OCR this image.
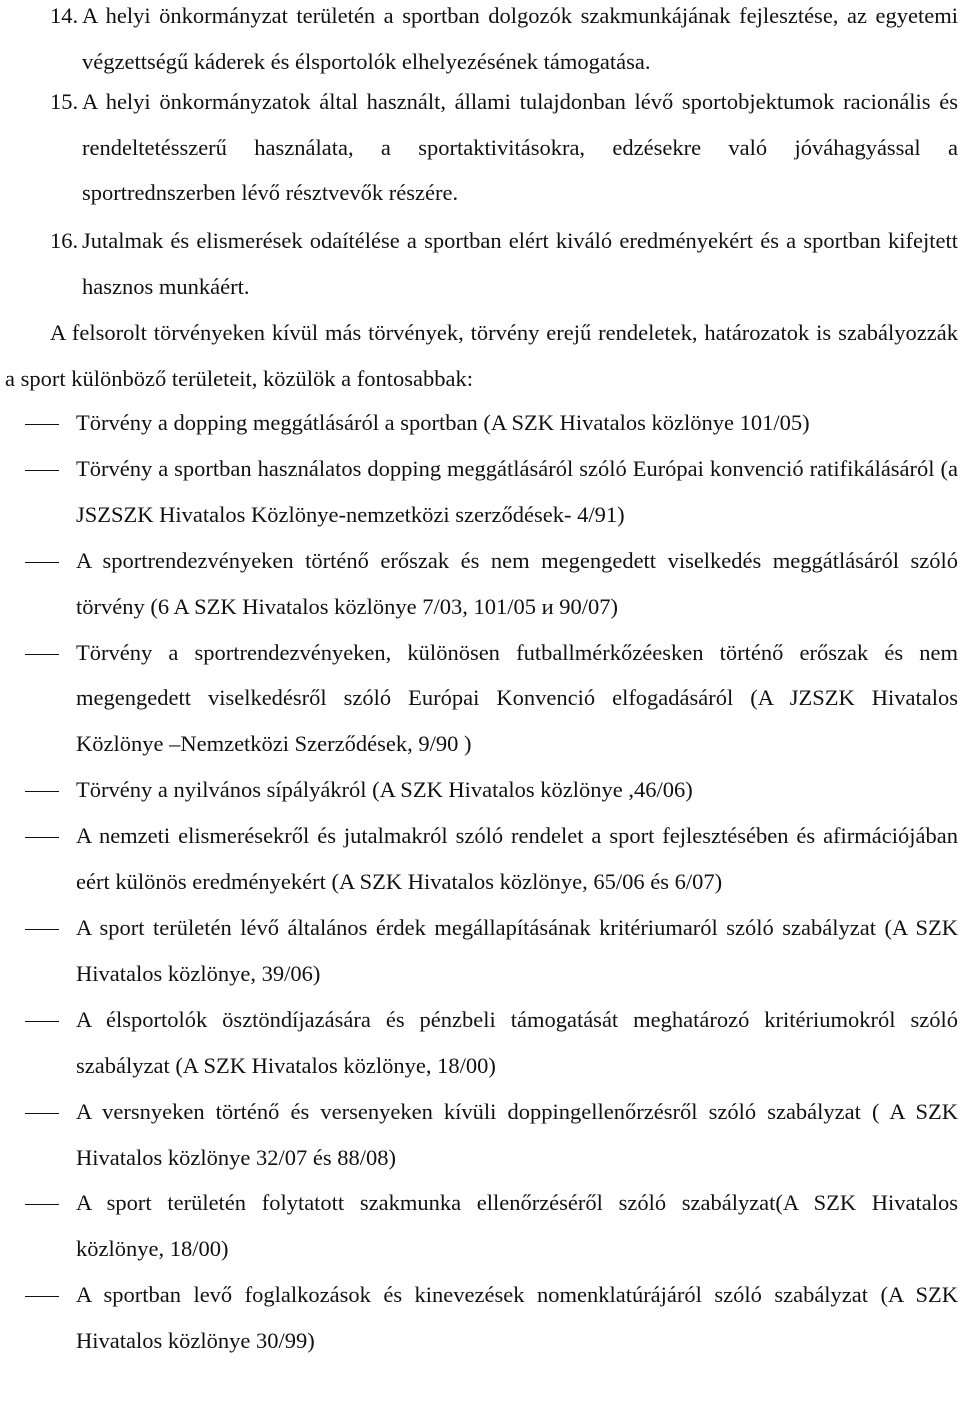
14. A helyi önkormányzat területén a sportban dolgozók szakmunkájának fejlesztése, az egyetemi végzettségű káderek és élsportolók elhelyezésének támogatása.
15. A helyi önkormányzatok által használt, állami tulajdonban lévő sportobjektumok racionális és rendeltetésszerű használata, a sportaktivitásokra, edzésekre való jóváhagyással a sportrednszerben lévő résztvevők részére.
16. Jutalmak és elismerések odaítélése a sportban elért kiváló eredményekért és a sportban kifejtett hasznos munkáért.

A felsorolt törvényeken kívül más törvények, törvény erejű rendeletek, határozatok is szabályozzák a sport különböző területeit, közülök a fontosabbak:

Törvény a dopping meggátlásáról a sportban (A SZK Hivatalos közlönye 101/05)
Törvény a sportban használatos dopping meggátlásáról szóló Európai konvenció ratifikálásáról (a JSZSZK Hivatalos Közlönye-nemzetközi szerződések- 4/91)
A sportrendezvényeken történő erőszak és nem megengedett viselkedés meggátlásáról szóló törvény (6 A SZK Hivatalos közlönye 7/03, 101/05 и 90/07)
Törvény a sportrendezvényeken, különösen futballmérkőzéesken történő erőszak és nem megengedett viselkedésről szóló Európai Konvenció elfogadásáról (A JZSZK Hivatalos Közlönye –Nemzetközi Szerződések, 9/90 )
Törvény a nyilvános sípályákról (A SZK Hivatalos közlönye ,46/06)
A nemzeti elismerésekről és jutalmakról szóló rendelet a sport fejlesztésében és afirmációjában eért különös eredményekért (A SZK Hivatalos közlönye, 65/06 és 6/07)
A sport területén lévő általános érdek megállapításának kritériumaról szóló szabályzat (A SZK Hivatalos közlönye, 39/06)
A élsportolók ösztöndíjazására és pénzbeli támogatását meghatározó kritériumokról szóló szabályzat (A SZK Hivatalos közlönye, 18/00)
A versnyeken történő és versenyeken kívüli doppingellenőrzésről szóló szabályzat ( A SZK Hivatalos közlönye 32/07 és 88/08)
A sport területén folytatott szakmunka ellenőrzéséről szóló szabályzat(A SZK Hivatalos közlönye, 18/00)
A sportban levő foglalkozások és kinevezések nomenklatúrájáról szóló szabályzat (A SZK Hivatalos közlönye 30/99)
